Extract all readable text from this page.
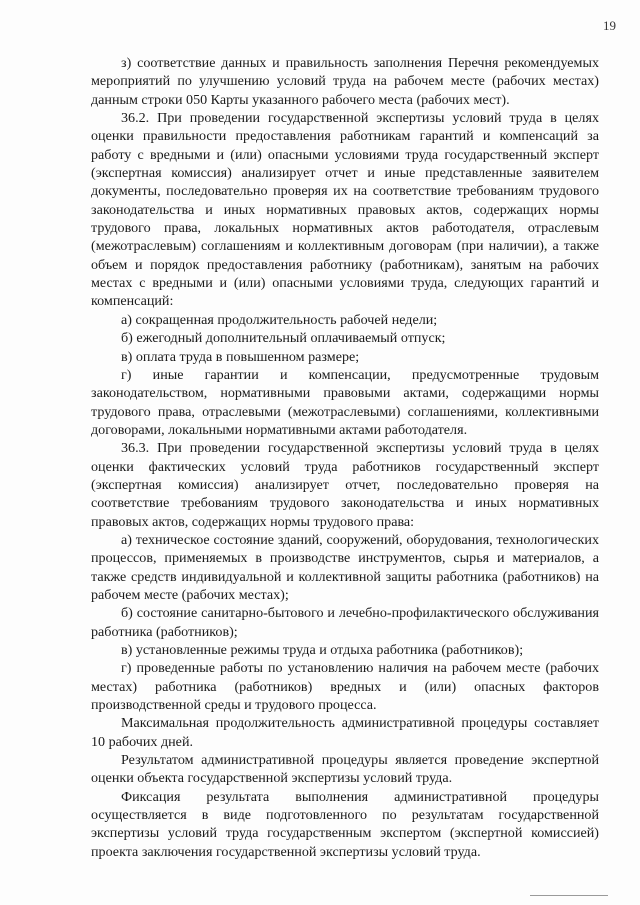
19

з) соответствие данных и правильность заполнения Перечня рекомендуемых мероприятий по улучшению условий труда на рабочем месте (рабочих местах) данным строки 050 Карты указанного рабочего места (рабочих мест).

36.2. При проведении государственной экспертизы условий труда в целях оценки правильности предоставления работникам гарантий и компенсаций за работу с вредными и (или) опасными условиями труда государственный эксперт (экспертная комиссия) анализирует отчет и иные представленные заявителем документы, последовательно проверяя их на соответствие требованиям трудового законодательства и иных нормативных правовых актов, содержащих нормы трудового права, локальных нормативных актов работодателя, отраслевым (межотраслевым) соглашениям и коллективным договорам (при наличии), а также объем и порядок предоставления работнику (работникам), занятым на рабочих местах с вредными и (или) опасными условиями труда, следующих гарантий и компенсаций:

а) сокращенная продолжительность рабочей недели;

б) ежегодный дополнительный оплачиваемый отпуск;

в) оплата труда в повышенном размере;

г) иные гарантии и компенсации, предусмотренные трудовым законодательством, нормативными правовыми актами, содержащими нормы трудового права, отраслевыми (межотраслевыми) соглашениями, коллективными договорами, локальными нормативными актами работодателя.

36.3. При проведении государственной экспертизы условий труда в целях оценки фактических условий труда работников государственный эксперт (экспертная комиссия) анализирует отчет, последовательно проверяя на соответствие требованиям трудового законодательства и иных нормативных правовых актов, содержащих нормы трудового права:

а) техническое состояние зданий, сооружений, оборудования, технологических процессов, применяемых в производстве инструментов, сырья и материалов, а также средств индивидуальной и коллективной защиты работника (работников) на рабочем месте (рабочих местах);

б) состояние санитарно-бытового и лечебно-профилактического обслуживания работника (работников);

в) установленные режимы труда и отдыха работника (работников);

г) проведенные работы по установлению наличия на рабочем месте (рабочих местах) работника (работников) вредных и (или) опасных факторов производственной среды и трудового процесса.

Максимальная продолжительность административной процедуры составляет 10 рабочих дней.

Результатом административной процедуры является проведение экспертной оценки объекта государственной экспертизы условий труда.

Фиксация результата выполнения административной процедуры осуществляется в виде подготовленного по результатам государственной экспертизы условий труда государственным экспертом (экспертной комиссией) проекта заключения государственной экспертизы условий труда.
